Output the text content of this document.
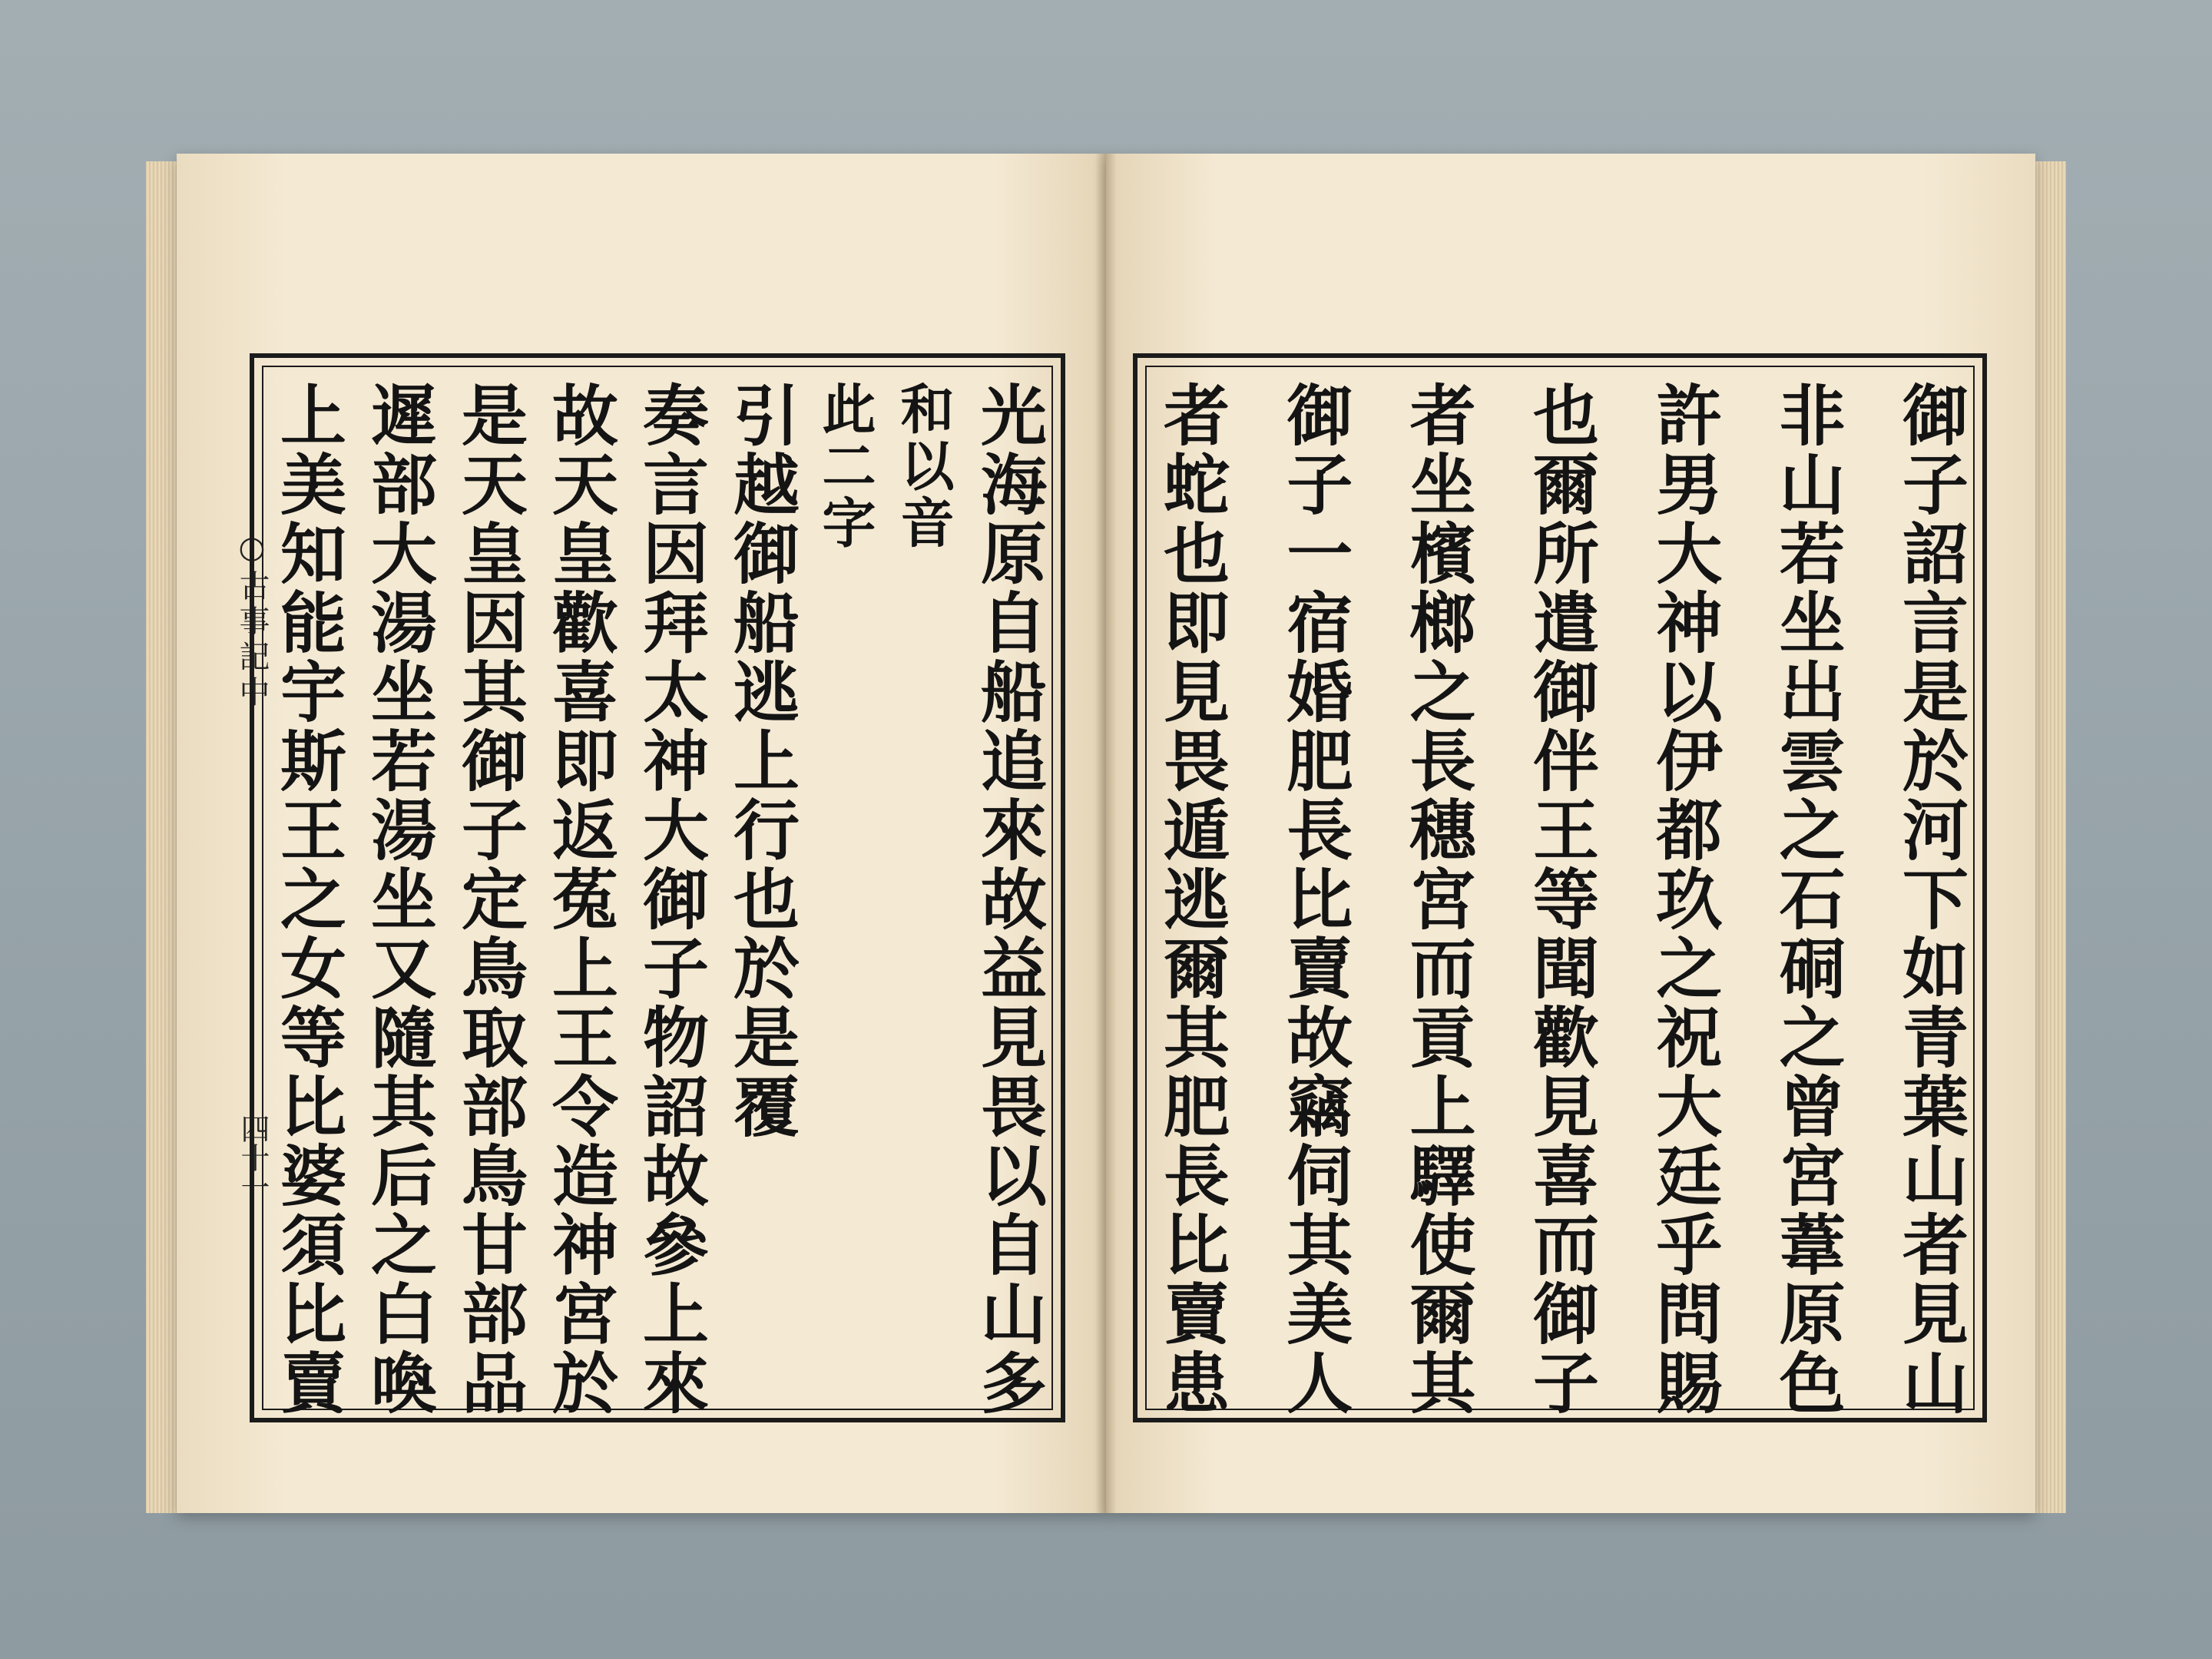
○古事記中
四十一	光海原自船追來故益見畏以自山多
和以音
此二字
引越御船逃上行也於是覆
奏言因拜太神大御子物詔故參上來
故天皇歡喜即返菟上王令造神宮於
是天皇因其御子定鳥取部鳥甘部品
遲部大湯坐若湯坐又隨其后之白喚
上美知能宇斯王之女等比婆須比賣	御子詔言是於河下如青葉山者見山
非山若坐出雲之石硐之曾宮葦原色
許男大神以伊都玖之祝大廷乎問賜
也爾所遣御伴王等聞歡見喜而御子
者坐檳榔之長穗宮而貢上驛使爾其
御子一宿婚肥長比賣故竊伺其美人
者蛇也即見畏遁逃爾其肥長比賣患
